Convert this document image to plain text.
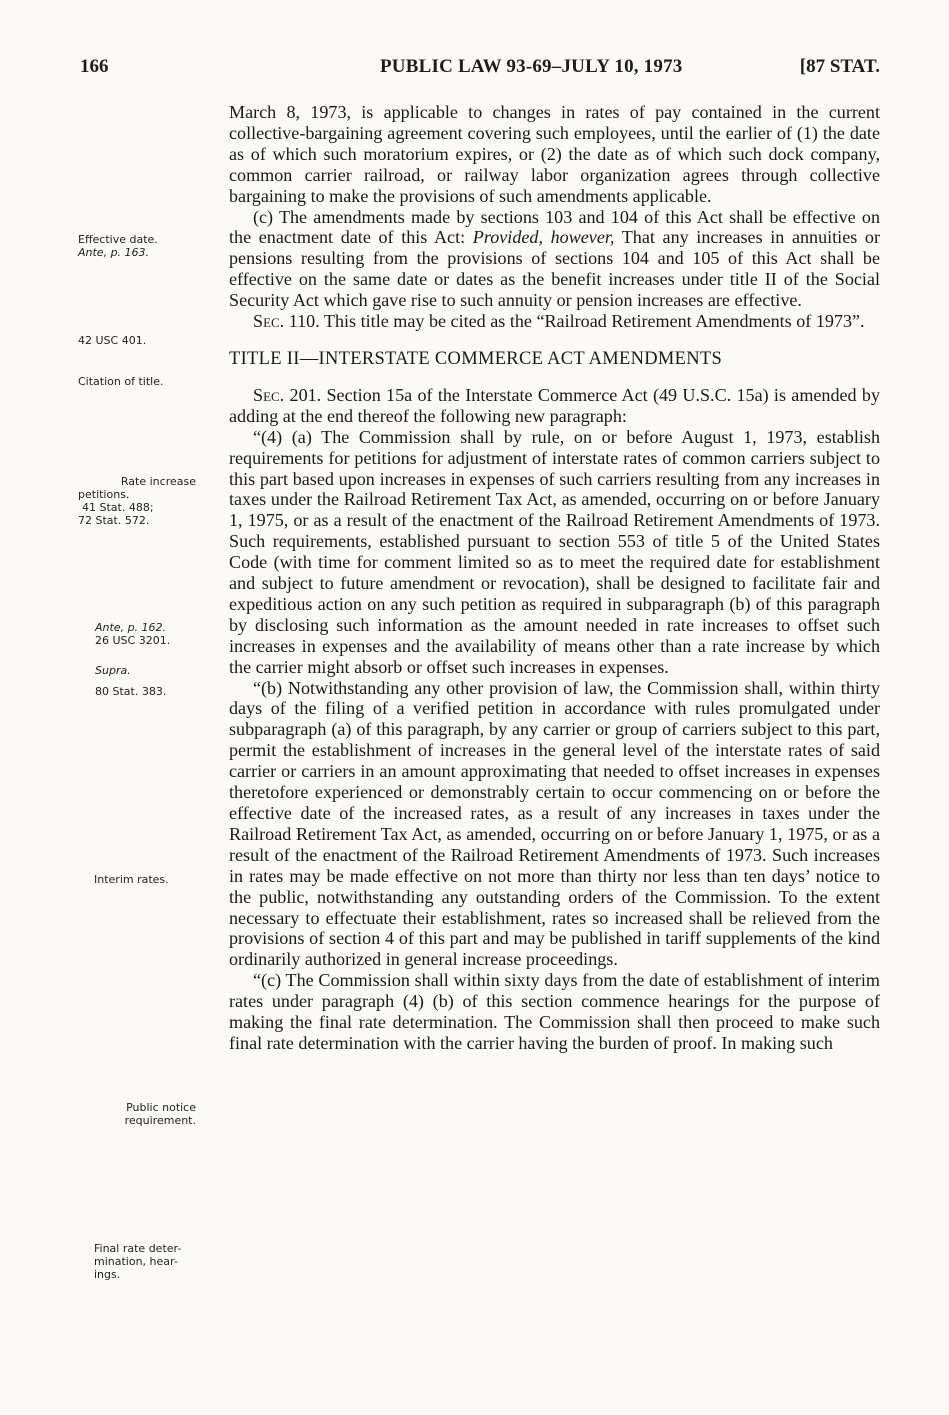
166	PUBLIC LAW 93-69–JULY 10, 1973	[87 STAT.
Effective date.
Ante, p. 163.
42 USC 401.
Citation of title.
Rate increase
petitions.
41 Stat. 488;
72 Stat. 572.
Ante, p. 162.
26 USC 3201.
Supra.
80 Stat. 383.
Interim rates.
Public notice
requirement.
Final rate deter-
mination, hear-
ings.

March 8, 1973, is applicable to changes in rates of pay contained in the current collective-bargaining agreement covering such employees, until the earlier of (1) the date as of which such moratorium expires, or (2) the date as of which such dock company, common carrier railroad, or railway labor organization agrees through collective bargaining to make the provisions of such amendments applicable.

(c) The amendments made by sections 103 and 104 of this Act shall be effective on the enactment date of this Act: Provided, however, That any increases in annuities or pensions resulting from the provisions of sections 104 and 105 of this Act shall be effective on the same date or dates as the benefit increases under title II of the Social Security Act which gave rise to such annuity or pension increases are effective.

Sec. 110. This title may be cited as the “Railroad Retirement Amendments of 1973”.

TITLE II—INTERSTATE COMMERCE ACT AMENDMENTS

Sec. 201. Section 15a of the Interstate Commerce Act (49 U.S.C. 15a) is amended by adding at the end thereof the following new paragraph:

“(4) (a) The Commission shall by rule, on or before August 1, 1973, establish requirements for petitions for adjustment of interstate rates of common carriers subject to this part based upon increases in expenses of such carriers resulting from any increases in taxes under the Railroad Retirement Tax Act, as amended, occurring on or before January 1, 1975, or as a result of the enactment of the Railroad Retirement Amendments of 1973. Such requirements, established pursuant to section 553 of title 5 of the United States Code (with time for comment limited so as to meet the required date for establishment and subject to future amendment or revocation), shall be designed to facilitate fair and expeditious action on any such petition as required in subparagraph (b) of this paragraph by disclosing such information as the amount needed in rate increases to offset such increases in expenses and the availability of means other than a rate increase by which the carrier might absorb or offset such increases in expenses.

“(b) Notwithstanding any other provision of law, the Commission shall, within thirty days of the filing of a verified petition in accordance with rules promulgated under subparagraph (a) of this paragraph, by any carrier or group of carriers subject to this part, permit the establishment of increases in the general level of the interstate rates of said carrier or carriers in an amount approximating that needed to offset increases in expenses theretofore experienced or demonstrably certain to occur commencing on or before the effective date of the increased rates, as a result of any increases in taxes under the Railroad Retirement Tax Act, as amended, occurring on or before January 1, 1975, or as a result of the enactment of the Railroad Retirement Amendments of 1973. Such increases in rates may be made effective on not more than thirty nor less than ten days’ notice to the public, notwithstanding any outstanding orders of the Commission. To the extent necessary to effectuate their establishment, rates so increased shall be relieved from the provisions of section 4 of this part and may be published in tariff supplements of the kind ordinarily authorized in general increase proceedings.

“(c) The Commission shall within sixty days from the date of establishment of interim rates under paragraph (4) (b) of this section commence hearings for the purpose of making the final rate determination. The Commission shall then proceed to make such final rate determination with the carrier having the burden of proof. In making such
